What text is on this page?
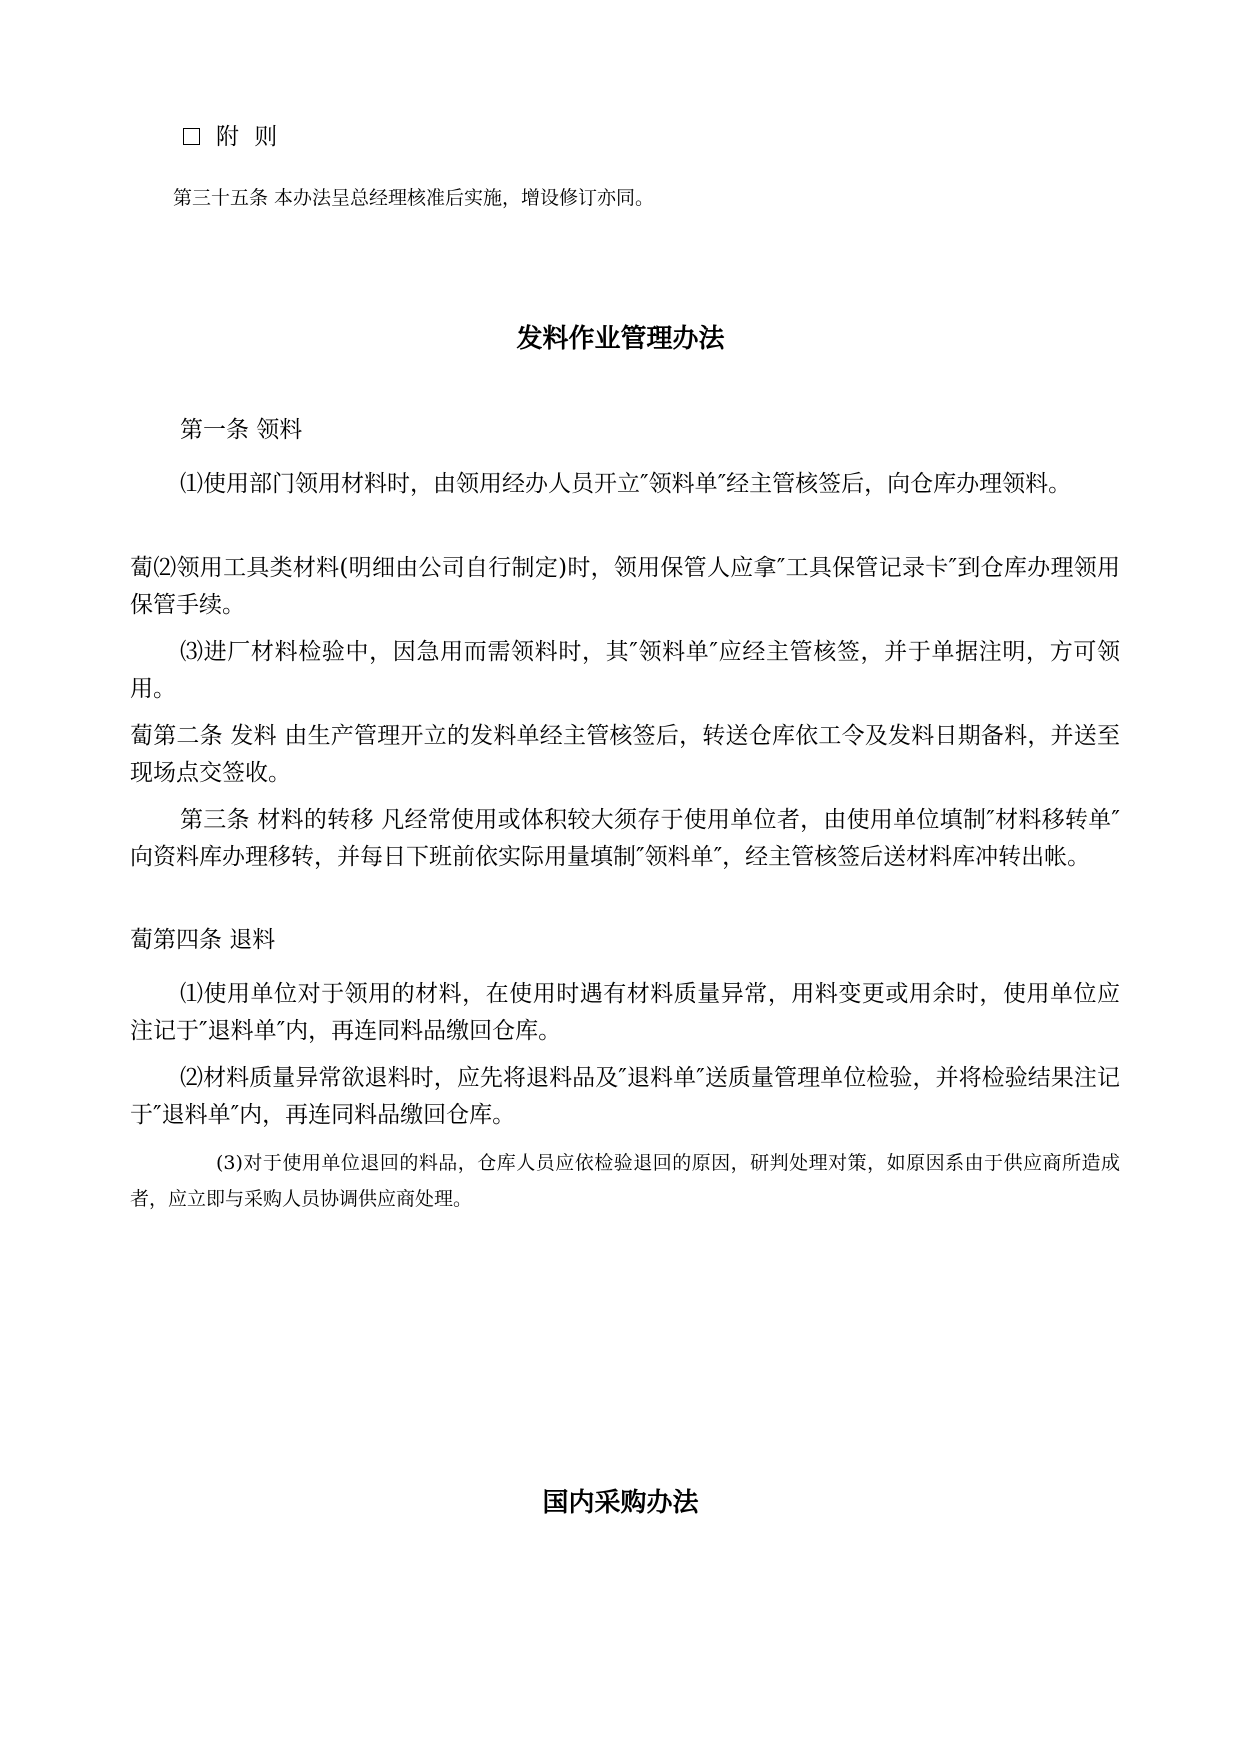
附 则

第三十五条 本办法呈总经理核准后实施，增设修订亦同。

发料作业管理办法

第一条 领料

⑴使用部门领用材料时，由领用经办人员开立″领料单″经主管核签后，向仓库办理领料。

蔔⑵领用工具类材料(明细由公司自行制定)时，领用保管人应拿″工具保管记录卡″到仓库办理领用保管手续。

⑶进厂材料检验中，因急用而需领料时，其″领料单″应经主管核签，并于单据注明，方可领用。

蔔第二条 发料 由生产管理开立的发料单经主管核签后，转送仓库依工令及发料日期备料，并送至现场点交签收。

第三条 材料的转移 凡经常使用或体积较大须存于使用单位者，由使用单位填制″材料移转单″向资料库办理移转，并每日下班前依实际用量填制″领料单″，经主管核签后送材料库冲转出帐。

蔔第四条 退料

⑴使用单位对于领用的材料，在使用时遇有材料质量异常，用料变更或用余时，使用单位应注记于″退料单″内，再连同料品缴回仓库。

⑵材料质量异常欲退料时，应先将退料品及″退料单″送质量管理单位检验，并将检验结果注记于″退料单″内，再连同料品缴回仓库。

(3)对于使用单位退回的料品，仓库人员应依检验退回的原因，研判处理对策，如原因系由于供应商所造成者，应立即与采购人员协调供应商处理。

国内采购办法
